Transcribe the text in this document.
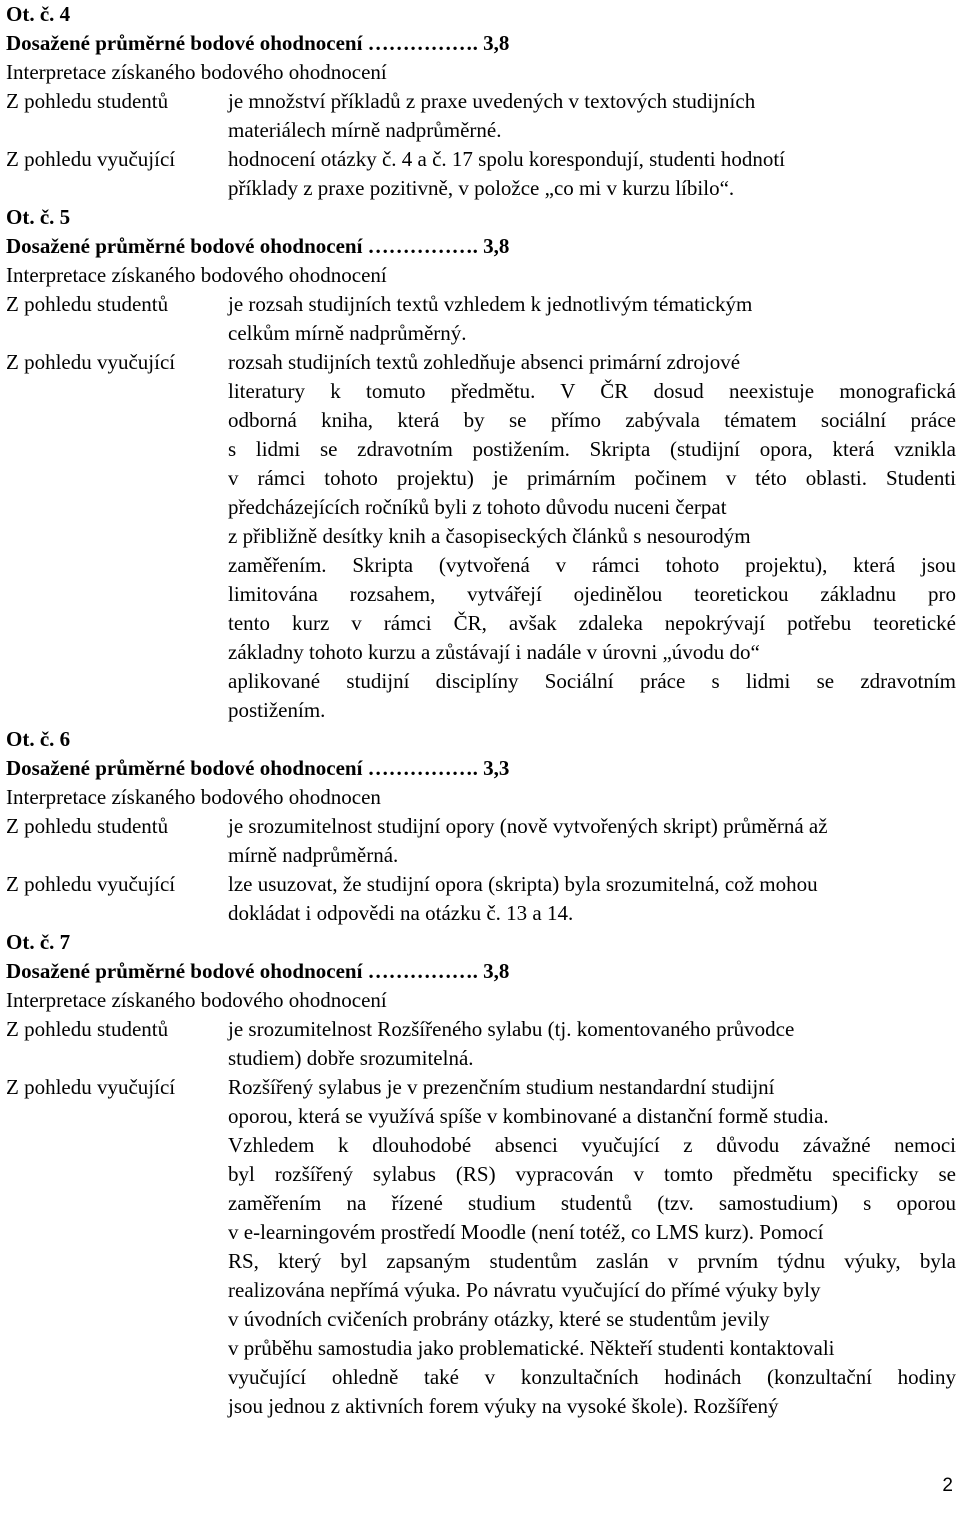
Ot. č. 4
Dosažené průměrné bodové ohodnocení ……………. 3,8
Interpretace získaného bodového ohodnocení
Z pohledu studentů	je množství příkladů z praxe uvedených v textových studijních
materiálech mírně nadprůměrné.
Z pohledu vyučující	hodnocení otázky č. 4 a č. 17 spolu korespondují, studenti hodnotí
příklady z praxe pozitivně, v položce „co mi v kurzu líbilo“.
Ot. č. 5
Dosažené průměrné bodové ohodnocení ……………. 3,8
Interpretace získaného bodového ohodnocení
Z pohledu studentů	je rozsah studijních textů vzhledem k jednotlivým tématickým
celkům mírně nadprůměrný.
Z pohledu vyučující	rozsah studijních textů zohledňuje absenci primární zdrojové
literatury k tomuto předmětu. V ČR dosud neexistuje monografická
odborná kniha, která by se přímo zabývala tématem sociální práce
s lidmi se zdravotním postižením. Skripta (studijní opora, která vznikla
v rámci tohoto projektu) je primárním počinem v této oblasti. Studenti
předcházejících ročníků byli z tohoto důvodu nuceni čerpat
z přibližně desítky knih a časopiseckých článků s nesourodým
zaměřením. Skripta (vytvořená v rámci tohoto projektu), která jsou
limitována rozsahem, vytvářejí ojedinělou teoretickou základnu pro
tento kurz v rámci ČR, avšak zdaleka nepokrývají potřebu teoretické
základny tohoto kurzu a zůstávají i nadále v úrovni „úvodu do“
aplikované studijní disciplíny Sociální práce s lidmi se zdravotním
postižením.
Ot. č. 6
Dosažené průměrné bodové ohodnocení ……………. 3,3
Interpretace získaného bodového ohodnocen
Z pohledu studentů	je srozumitelnost studijní opory (nově vytvořených skript) průměrná až
mírně nadprůměrná.
Z pohledu vyučující	lze usuzovat, že studijní opora (skripta) byla srozumitelná, což mohou
dokládat i odpovědi na otázku č. 13 a 14.
Ot. č. 7
Dosažené průměrné bodové ohodnocení ……………. 3,8
Interpretace získaného bodového ohodnocení
Z pohledu studentů	je srozumitelnost Rozšířeného sylabu (tj. komentovaného průvodce
studiem) dobře srozumitelná.
Z pohledu vyučující	Rozšířený sylabus je v prezenčním studium nestandardní studijní
oporou, která se využívá spíše v kombinované a distanční formě studia.
Vzhledem k dlouhodobé absenci vyučující z důvodu závažné nemoci
byl rozšířený sylabus (RS) vypracován v tomto předmětu specificky se
zaměřením na řízené studium studentů (tzv. samostudium) s oporou
v e-learningovém prostředí Moodle (není totéž, co LMS kurz). Pomocí
RS, který byl zapsaným studentům zaslán v prvním týdnu výuky, byla
realizována nepřímá výuka. Po návratu vyučující do přímé výuky byly
v úvodních cvičeních probrány otázky, které se studentům jevily
v průběhu samostudia jako problematické. Někteří studenti kontaktovali
vyučující ohledně také v konzultačních hodinách (konzultační hodiny
jsou jednou z aktivních forem výuky na vysoké škole). Rozšířený
2
